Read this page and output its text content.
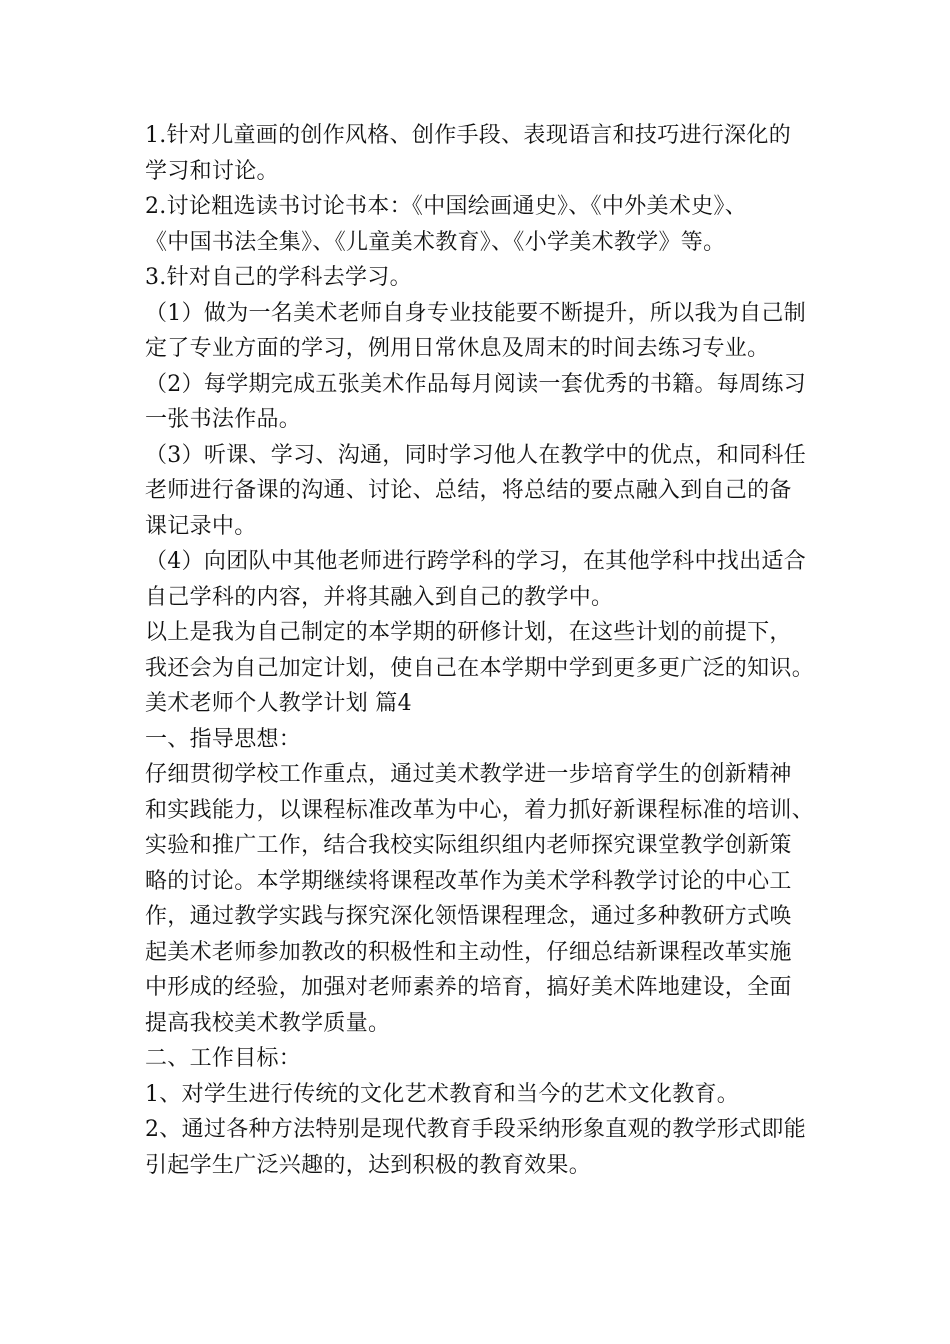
1.针对儿童画的创作风格、创作手段、表现语言和技巧进行深化的
学习和讨论。
2.讨论粗选读书讨论书本：《中国绘画通史》、《中外美术史》、
《中国书法全集》、《儿童美术教育》、《小学美术教学》等。
3.针对自己的学科去学习。
（1）做为一名美术老师自身专业技能要不断提升，所以我为自己制
定了专业方面的学习，例用日常休息及周末的时间去练习专业。
（2）每学期完成五张美术作品每月阅读一套优秀的书籍。每周练习
一张书法作品。
（3）听课、学习、沟通，同时学习他人在教学中的优点，和同科任
老师进行备课的沟通、讨论、总结，将总结的要点融入到自己的备
课记录中。
（4）向团队中其他老师进行跨学科的学习，在其他学科中找出适合
自己学科的内容，并将其融入到自己的教学中。
以上是我为自己制定的本学期的研修计划，在这些计划的前提下，
我还会为自己加定计划，使自己在本学期中学到更多更广泛的知识。
美术老师个人教学计划 篇4
一、指导思想：
仔细贯彻学校工作重点，通过美术教学进一步培育学生的创新精神
和实践能力，以课程标准改革为中心，着力抓好新课程标准的培训、
实验和推广工作，结合我校实际组织组内老师探究课堂教学创新策
略的讨论。本学期继续将课程改革作为美术学科教学讨论的中心工
作，通过教学实践与探究深化领悟课程理念，通过多种教研方式唤
起美术老师参加教改的积极性和主动性，仔细总结新课程改革实施
中形成的经验，加强对老师素养的培育，搞好美术阵地建设，全面
提高我校美术教学质量。
二、工作目标：
1、对学生进行传统的文化艺术教育和当今的艺术文化教育。
2、通过各种方法特别是现代教育手段采纳形象直观的教学形式即能
引起学生广泛兴趣的，达到积极的教育效果。
